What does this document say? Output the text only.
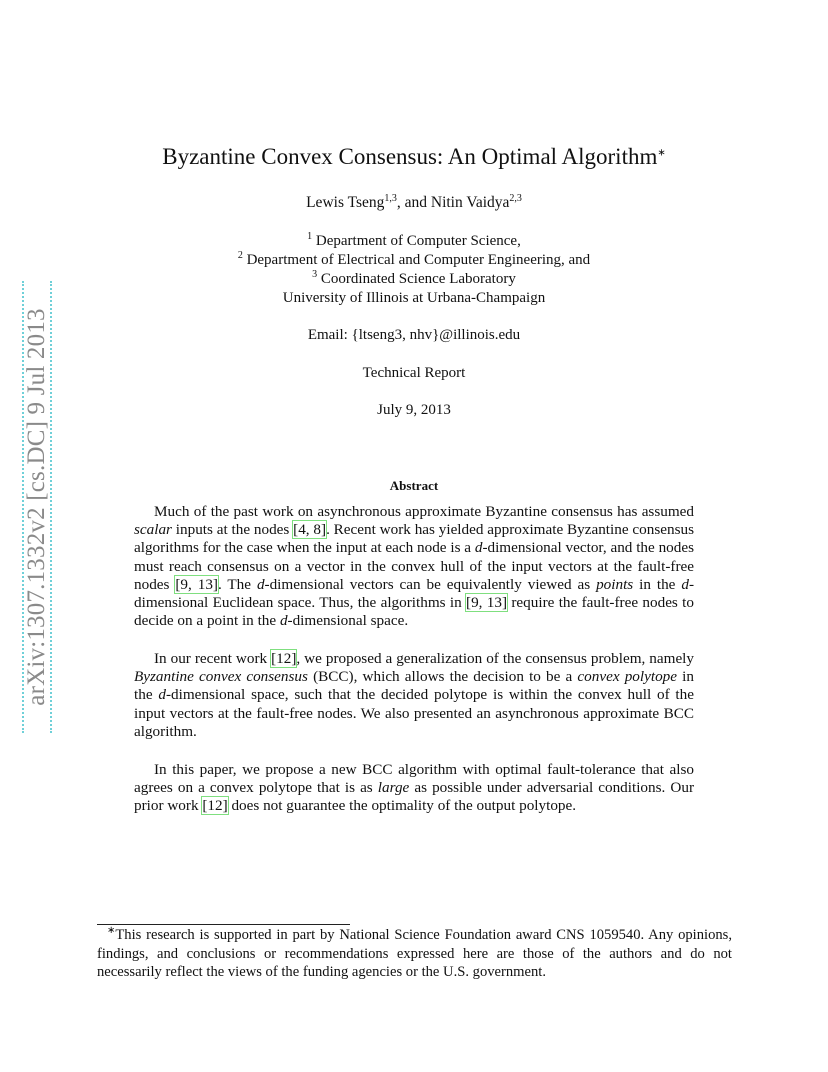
arXiv:1307.1332v2 [cs.DC] 9 Jul 2013
Byzantine Convex Consensus: An Optimal Algorithm∗
Lewis Tseng$^{1,3}$, and Nitin Vaidya$^{2,3}$
$^1$ Department of Computer Science,
$^2$ Department of Electrical and Computer Engineering, and
$^3$ Coordinated Science Laboratory
University of Illinois at Urbana-Champaign
Email: {ltseng3, nhv}@illinois.edu
Technical Report
July 9, 2013
Abstract

Much of the past work on asynchronous approximate Byzantine consensus has assumed scalar inputs at the nodes [4, 8]. Recent work has yielded approximate Byzantine consensus algorithms for the case when the input at each node is a d-dimensional vector, and the nodes must reach consensus on a vector in the convex hull of the input vectors at the fault-free nodes [9, 13]. The d-dimensional vectors can be equivalently viewed as points in the d-dimensional Euclidean space. Thus, the algorithms in [9, 13] require the fault-free nodes to decide on a point in the d-dimensional space.

In our recent work [12], we proposed a generalization of the consensus problem, namely Byzantine convex consensus (BCC), which allows the decision to be a convex polytope in the d-dimensional space, such that the decided polytope is within the convex hull of the input vectors at the fault-free nodes. We also presented an asynchronous approximate BCC algorithm.

In this paper, we propose a new BCC algorithm with optimal fault-tolerance that also agrees on a convex polytope that is as large as possible under adversarial conditions. Our prior work [12] does not guarantee the optimality of the output polytope.

∗This research is supported in part by National Science Foundation award CNS 1059540. Any opinions, findings, and conclusions or recommendations expressed here are those of the authors and do not necessarily reflect the views of the funding agencies or the U.S. government.
